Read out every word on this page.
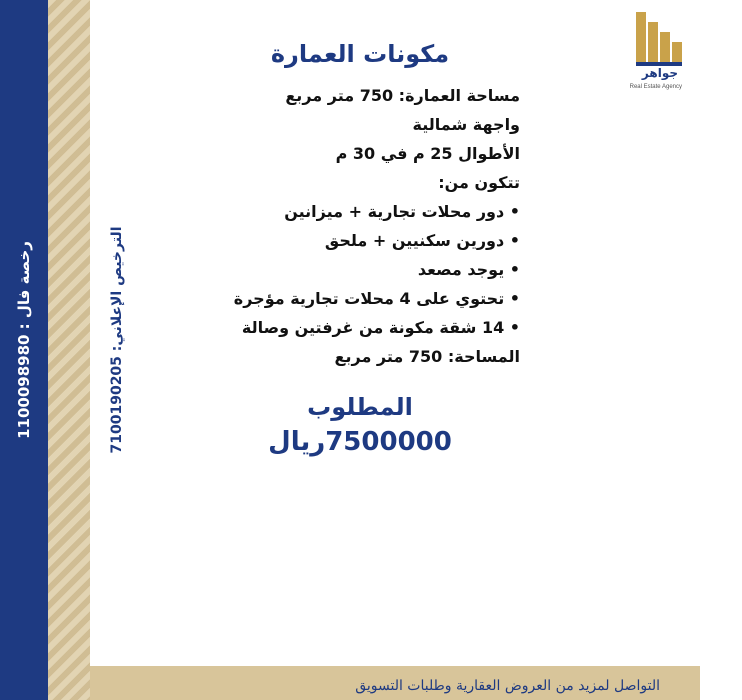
رخصة فال : 1100098980
الترخيص الإعلاني: 7100190205
جواهر
Real Estate Agency
مكونات العمارة
مساحة العمارة: 750 متر مربع
واجهة شمالية
الأطوال 25 م في 30 م
تتكون من:
• دور محلات تجارية + ميزانين
• دورين سكنيين + ملحق
• يوجد مصعد
• تحتوي على 4 محلات تجارية مؤجرة
• 14 شقة مكونة من غرفتين وصالة
المساحة: 750 متر مربع
المطلوب
7500000ريال
حراج
التواصل لمزيد من العروض العقارية وطلبات التسويق
